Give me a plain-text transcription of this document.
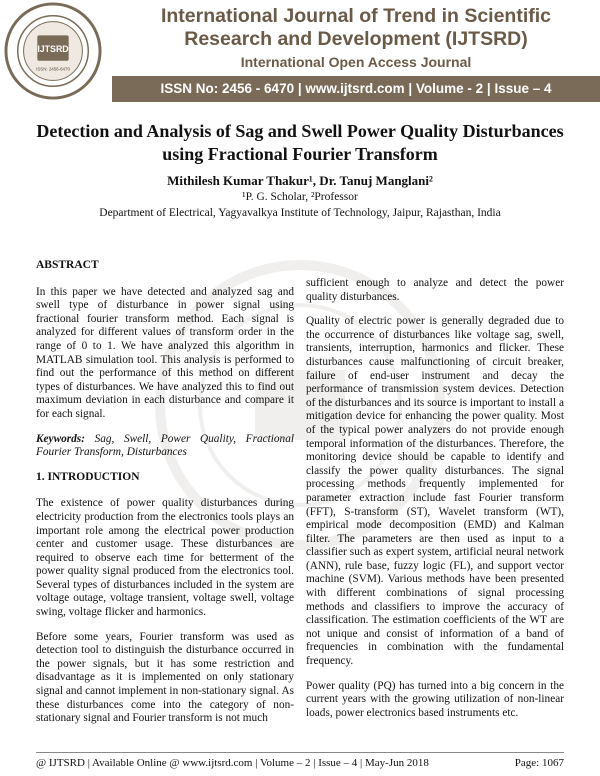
IJTSRD
ISSN: 2456-6470
International Journal of Trend in Scientific
Research and Development (IJTSRD)
International Open Access Journal
ISSN No: 2456 - 6470 | www.ijtsrd.com | Volume - 2 | Issue – 4
Detection and Analysis of Sag and Swell Power Quality Disturbances
using Fractional Fourier Transform
Mithilesh Kumar Thakur¹, Dr. Tanuj Manglani²
¹P. G. Scholar, ²Professor
Department of Electrical, Yagyavalkya Institute of Technology, Jaipur, Rajasthan, India
ABSTRACT

In this paper we have detected and analyzed sag and swell type of disturbance in power signal using fractional fourier transform method. Each signal is analyzed for different values of transform order in the range of 0 to 1. We have analyzed this algorithm in MATLAB simulation tool. This analysis is performed to find out the performance of this method on different types of disturbances. We have analyzed this to find out maximum deviation in each disturbance and compare it for each signal.

Keywords: Sag, Swell, Power Quality, Fractional Fourier Transform, Disturbances

1. INTRODUCTION

The existence of power quality disturbances during electricity production from the electronics tools plays an important role among the electrical power production center and customer usage. These disturbances are required to observe each time for betterment of the power quality signal produced from the electronics tool. Several types of disturbances included in the system are voltage outage, voltage transient, voltage swell, voltage swing, voltage flicker and harmonics.

Before some years, Fourier transform was used as detection tool to distinguish the disturbance occurred in the power signals, but it has some restriction and disadvantage as it is implemented on only stationary signal and cannot implement in non-stationary signal. As these disturbances come into the category of non-stationary signal and Fourier transform is not much

sufficient enough to analyze and detect the power quality disturbances.

Quality of electric power is generally degraded due to the occurrence of disturbances like voltage sag, swell, transients, interruption, harmonics and flicker. These disturbances cause malfunctioning of circuit breaker, failure of end-user instrument and decay the performance of transmission system devices. Detection of the disturbances and its source is important to install a mitigation device for enhancing the power quality. Most of the typical power analyzers do not provide enough temporal information of the disturbances. Therefore, the monitoring device should be capable to identify and classify the power quality disturbances. The signal processing methods frequently implemented for parameter extraction include fast Fourier transform (FFT), S-transform (ST), Wavelet transform (WT), empirical mode decomposition (EMD) and Kalman filter. The parameters are then used as input to a classifier such as expert system, artificial neural network (ANN), rule base, fuzzy logic (FL), and support vector machine (SVM). Various methods have been presented with different combinations of signal processing methods and classifiers to improve the accuracy of classification. The estimation coefficients of the WT are not unique and consist of information of a band of frequencies in combination with the fundamental frequency.

Power quality (PQ) has turned into a big concern in the current years with the growing utilization of non-linear loads, power electronics based instruments etc.

@ IJTSRD | Available Online @ www.ijtsrd.com | Volume – 2 | Issue – 4 | May-Jun 2018	Page: 1067
